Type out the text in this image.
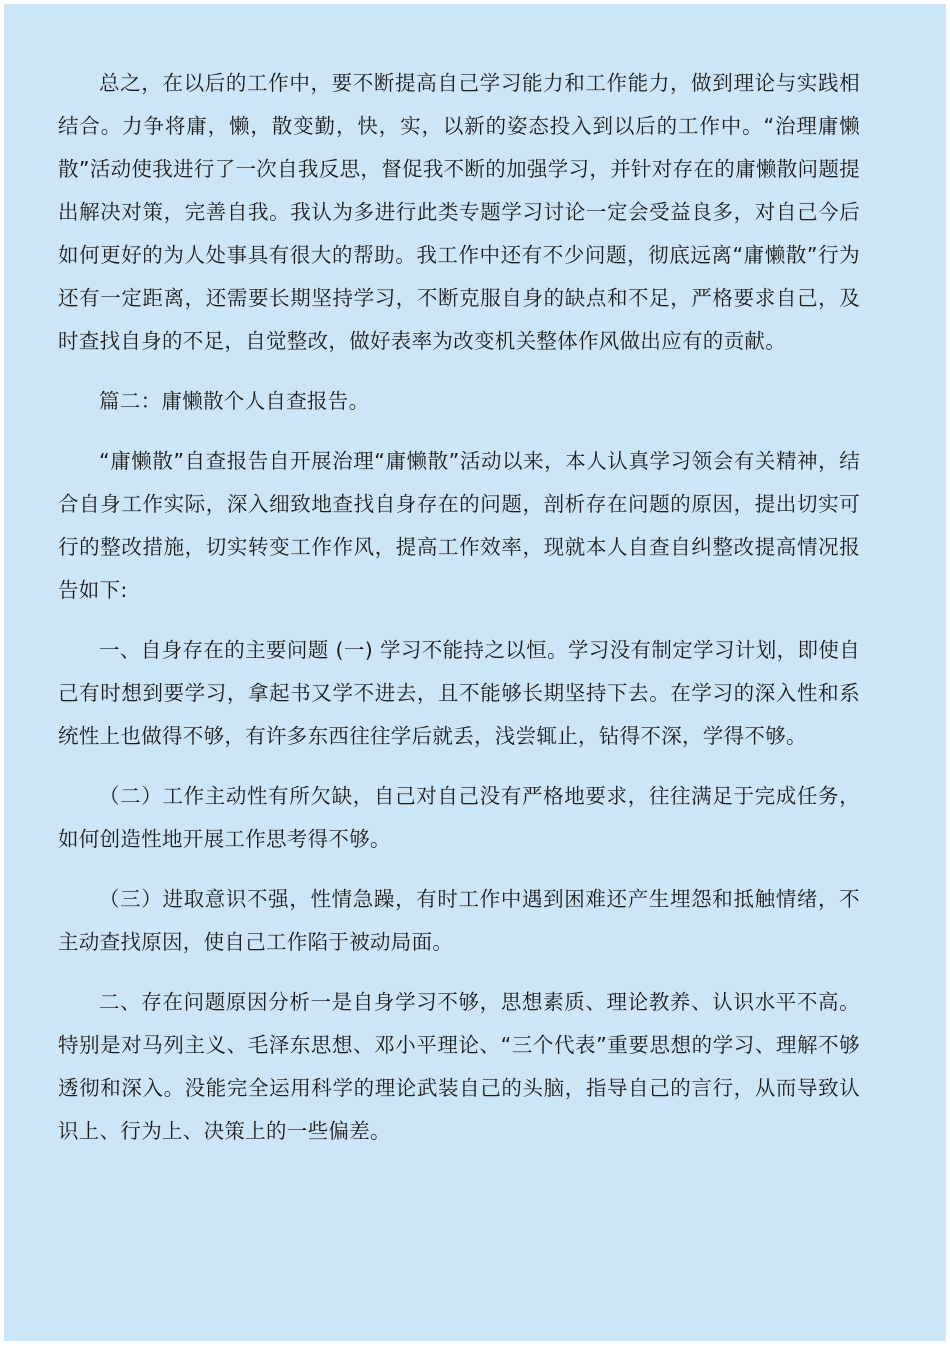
总之，在以后的工作中，要不断提高自己学习能力和工作能力，做到理论与实践相结合。力争将庸，懒，散变勤，快，实，以新的姿态投入到以后的工作中。“治理庸懒散”活动使我进行了一次自我反思，督促我不断的加强学习，并针对存在的庸懒散问题提出解决对策，完善自我。我认为多进行此类专题学习讨论一定会受益良多，对自己今后如何更好的为人处事具有很大的帮助。我工作中还有不少问题，彻底远离“庸懒散”行为还有一定距离，还需要长期坚持学习，不断克服自身的缺点和不足，严格要求自己，及时查找自身的不足，自觉整改，做好表率为改变机关整体作风做出应有的贡献。

篇二：庸懒散个人自查报告。

“庸懒散”自查报告自开展治理“庸懒散”活动以来，本人认真学习领会有关精神，结合自身工作实际，深入细致地查找自身存在的问题，剖析存在问题的原因，提出切实可行的整改措施，切实转变工作作风，提高工作效率，现就本人自查自纠整改提高情况报告如下:

一、自身存在的主要问题 (一) 学习不能持之以恒。学习没有制定学习计划，即使自己有时想到要学习，拿起书又学不进去，且不能够长期坚持下去。在学习的深入性和系统性上也做得不够，有许多东西往往学后就丢，浅尝辄止，钻得不深，学得不够。

（二）工作主动性有所欠缺，自己对自己没有严格地要求，往往满足于完成任务，如何创造性地开展工作思考得不够。

（三）进取意识不强，性情急躁，有时工作中遇到困难还产生埋怨和抵触情绪，不主动查找原因，使自己工作陷于被动局面。

二、存在问题原因分析一是自身学习不够，思想素质、理论教养、认识水平不高。特别是对马列主义、毛泽东思想、邓小平理论、“三个代表”重要思想的学习、理解不够透彻和深入。没能完全运用科学的理论武装自己的头脑，指导自己的言行，从而导致认识上、行为上、决策上的一些偏差。
